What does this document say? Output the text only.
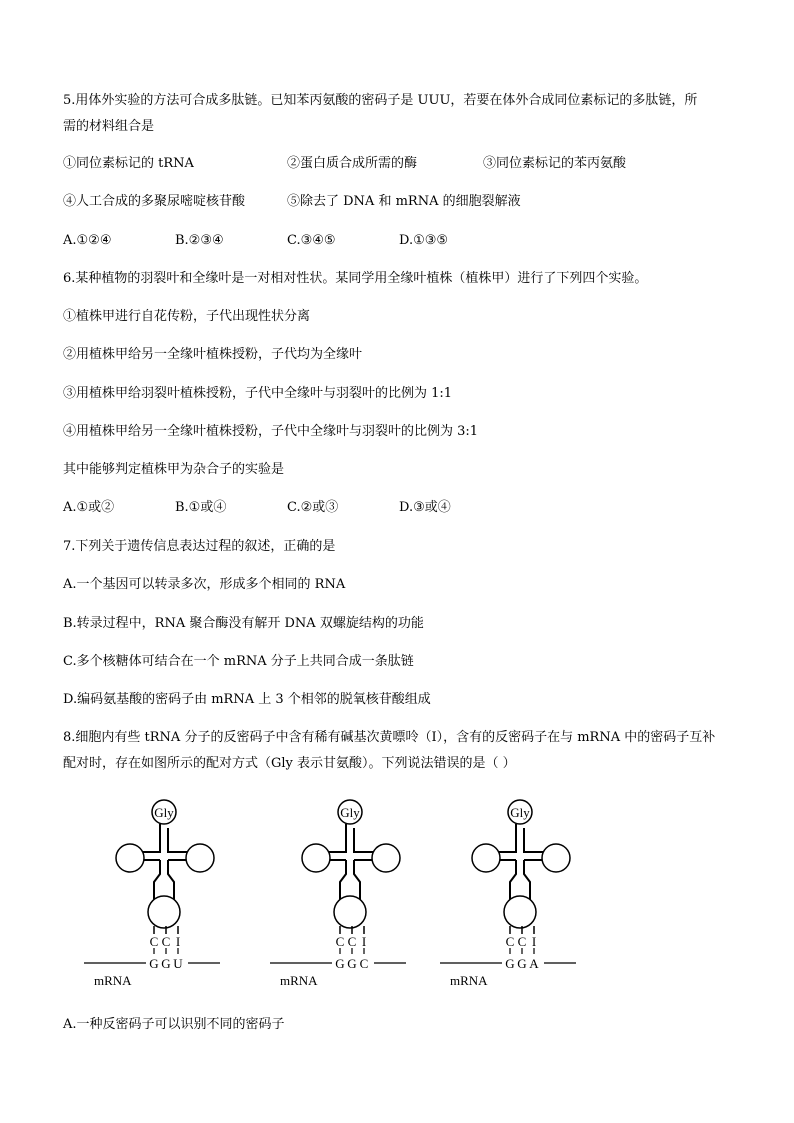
5.用体外实验的方法可合成多肽链。已知苯丙氨酸的密码子是 UUU，若要在体外合成同位素标记的多肽链，所
需的材料组合是
①同位素标记的 tRNA	②蛋白质合成所需的酶	③同位素标记的苯丙氨酸
④人工合成的多聚尿嘧啶核苷酸	⑤除去了 DNA 和 mRNA 的细胞裂解液
A.①②④	B.②③④	C.③④⑤	D.①③⑤
6.某种植物的羽裂叶和全缘叶是一对相对性状。某同学用全缘叶植株（植株甲）进行了下列四个实验。
①植株甲进行自花传粉，子代出现性状分离
②用植株甲给另一全缘叶植株授粉，子代均为全缘叶
③用植株甲给羽裂叶植株授粉，子代中全缘叶与羽裂叶的比例为 1:1
④用植株甲给另一全缘叶植株授粉，子代中全缘叶与羽裂叶的比例为 3:1
其中能够判定植株甲为杂合子的实验是
A.①或②	B.①或④	C.②或③	D.③或④
7.下列关于遗传信息表达过程的叙述，正确的是
A.一个基因可以转录多次，形成多个相同的 RNA
B.转录过程中，RNA 聚合酶没有解开 DNA 双螺旋结构的功能
C.多个核糖体可结合在一个 mRNA 分子上共同合成一条肽链
D.编码氨基酸的密码子由 mRNA 上 3 个相邻的脱氧核苷酸组成
8.细胞内有些 tRNA 分子的反密码子中含有稀有碱基次黄嘌呤（I），含有的反密码子在与 mRNA 中的密码子互补
配对时，存在如图所示的配对方式（Gly 表示甘氨酸）。下列说法错误的是（ ）
Gly
C
G
C
G
I
U
mRNA
Gly
C
G
C
G
I
C
mRNA
Gly
C
G
C
G
I
A
mRNA
A.一种反密码子可以识别不同的密码子
